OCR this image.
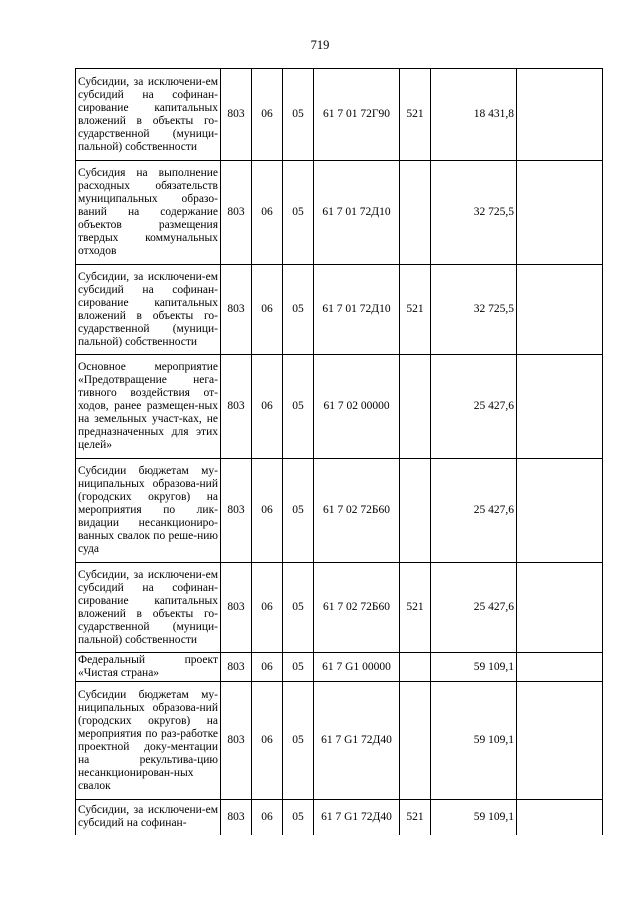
719
Субсидии, за исключени-ем субсидий на софинан-сирование капитальных вложений в объекты го-сударственной (муници-пальной) собственности	803	06	05	61 7 01 72Г90	521	18 431,8	
Субсидия на выполнение расходных обязательств муниципальных образо-ваний на содержание объектов размещения твердых коммунальных отходов	803	06	05	61 7 01 72Д10		32 725,5	
Субсидии, за исключени-ем субсидий на софинан-сирование капитальных вложений в объекты го-сударственной (муници-пальной) собственности	803	06	05	61 7 01 72Д10	521	32 725,5	
Основное мероприятие «Предотвращение нега-тивного воздействия от-ходов, ранее размещен-ных на земельных участ-ках, не предназначенных для этих целей»	803	06	05	61 7 02 00000		25 427,6	
Субсидии бюджетам му-ниципальных образова-ний (городских округов) на мероприятия по лик-видации несанкциониро-ванных свалок по реше-нию суда	803	06	05	61 7 02 72Б60		25 427,6	
Субсидии, за исключени-ем субсидий на софинан-сирование капитальных вложений в объекты го-сударственной (муници-пальной) собственности	803	06	05	61 7 02 72Б60	521	25 427,6	
Федеральный проект «Чистая страна»	803	06	05	61 7 G1 00000		59 109,1	
Субсидии бюджетам му-ниципальных образова-ний (городских округов) на мероприятия по раз-работке проектной доку-ментации на рекультива-цию несанкционирован-ных свалок	803	06	05	61 7 G1 72Д40		59 109,1	
Субсидии, за исключени-ем субсидий на софинан-	803	06	05	61 7 G1 72Д40	521	59 109,1	
